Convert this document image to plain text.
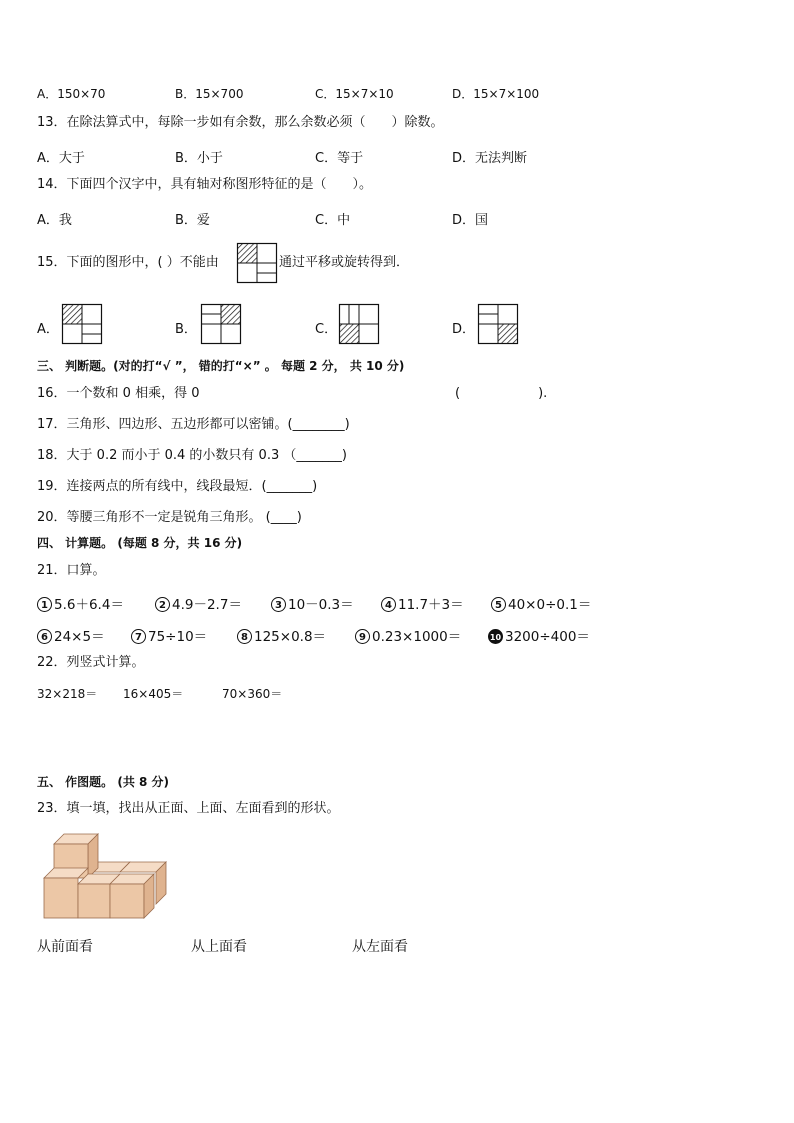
A．150×70	B．15×700	C．15×7×10	D．15×7×100
13．在除法算式中，每除一步如有余数，那么余数必须（　　）除数。
A．大于	B．小于	C．等于	D．无法判断
14．下面四个汉字中，具有轴对称图形特征的是（　　）。
A．我	B．爱	C．中	D．国
15．下面的图形中，( ）不能由	通过平移或旋转得到．
A．	B．	C．	D．
三、 判断题。(对的打“√ ”， 错的打“×” 。 每题 2 分， 共 10 分)
16．一个数和 0 相乘，得 0	(　　　　　　).
17．三角形、四边形、五边形都可以密铺。(________)
18．大于 0.2 而小于 0.4 的小数只有 0.3 （_______)
19．连接两点的所有线中，线段最短．(_______)
20．等腰三角形不一定是锐角三角形。 (____)
四、 计算题。 (每题 8 分，共 16 分)
21．口算。
1 5.6＋6.4＝	2 4.9－2.7＝	3 10－0.3＝	4 11.7＋3＝	5 40×0÷0.1＝
6 24×5＝	7 75÷10＝	8 125×0.8＝	9 0.23×1000＝	10 3200÷400＝
22．列竖式计算。
32×218＝ 16×405＝	70×360＝
五、 作图题。 (共 8 分)
23．填一填，找出从正面、上面、左面看到的形状。
从前面看	从上面看	从左面看
